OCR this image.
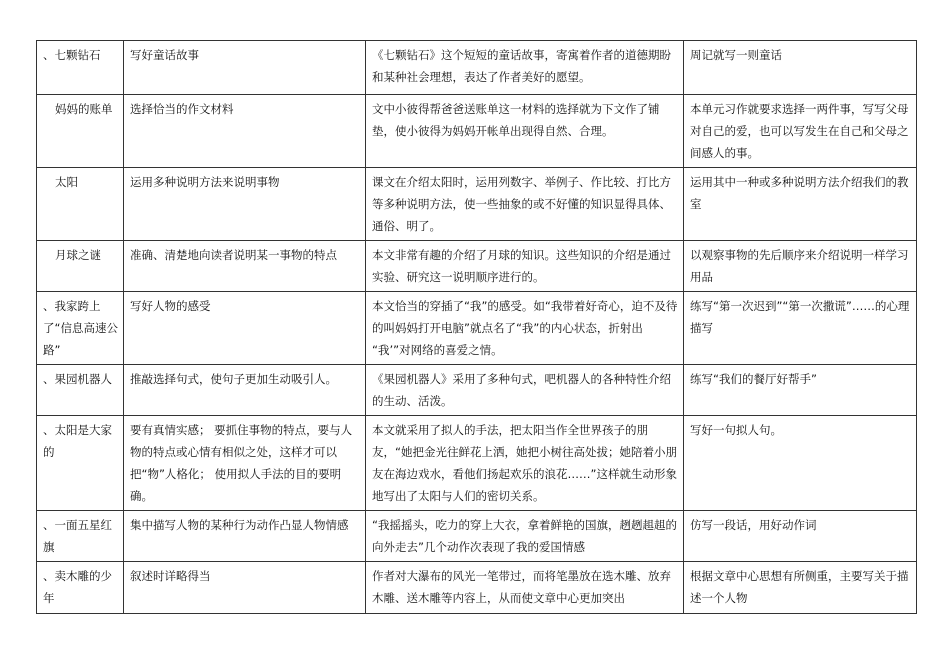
、七颗钻石	写好童话故事	《七颗钻石》这个短短的童话故事，寄寓着作者的道德期盼和某种社会理想，表达了作者美好的愿望。	周记就写一则童话
妈妈的账单	选择恰当的作文材料	文中小彼得帮爸爸送账单这一材料的选择就为下文作了铺垫，使小彼得为妈妈开帐单出现得自然、合理。	本单元习作就要求选择一两件事，写写父母对自己的爱，也可以写发生在自己和父母之间感人的事。
太阳	运用多种说明方法来说明事物	课文在介绍太阳时，运用列数字、举例子、作比较、打比方等多种说明方法，使一些抽象的或不好懂的知识显得具体、通俗、明了。	运用其中一种或多种说明方法介绍我们的教室
月球之谜	准确、清楚地向读者说明某一事物的特点	本文非常有趣的介绍了月球的知识。这些知识的介绍是通过实验、研究这一说明顺序进行的。	以观察事物的先后顺序来介绍说明一样学习用品
、我家跨上了“信息高速公路”	写好人物的感受	本文恰当的穿插了“我”的感受。如“我带着好奇心，迫不及待的叫妈妈打开电脑”就点名了“我”的内心状态，折射出 “我’”对网络的喜爱之情。	练写“第一次迟到”“第一次撒谎”……的心理描写
、果园机器人	推敲选择句式，使句子更加生动吸引人。	《果园机器人》采用了多种句式，吧机器人的各种特性介绍的生动、活泼。	练写“我们的餐厅好帮手”
、太阳是大家的	要有真情实感； 要抓住事物的特点，要与人物的特点或心情有相似之处，这样才可以把“物”人格化； 使用拟人手法的目的要明确。	本文就采用了拟人的手法，把太阳当作全世界孩子的朋友，“她把金光往鲜花上洒，她把小树往高处拔；她陪着小朋友在海边戏水，看他们扬起欢乐的浪花……”这样就生动形象地写出了太阳与人们的密切关系。	写好一句拟人句。
、一面五星红旗	集中描写人物的某种行为动作凸显人物情感	“我摇摇头，吃力的穿上大衣，拿着鲜艳的国旗，趔趔趄趄的向外走去”几个动作次表现了我的爱国情感	仿写一段话，用好动作词
、卖木雕的少年	叙述时详略得当	作者对大瀑布的风光一笔带过，而将笔墨放在选木雕、放弃木雕、送木雕等内容上，从而使文章中心更加突出	根据文章中心思想有所侧重，主要写关于描述一个人物
